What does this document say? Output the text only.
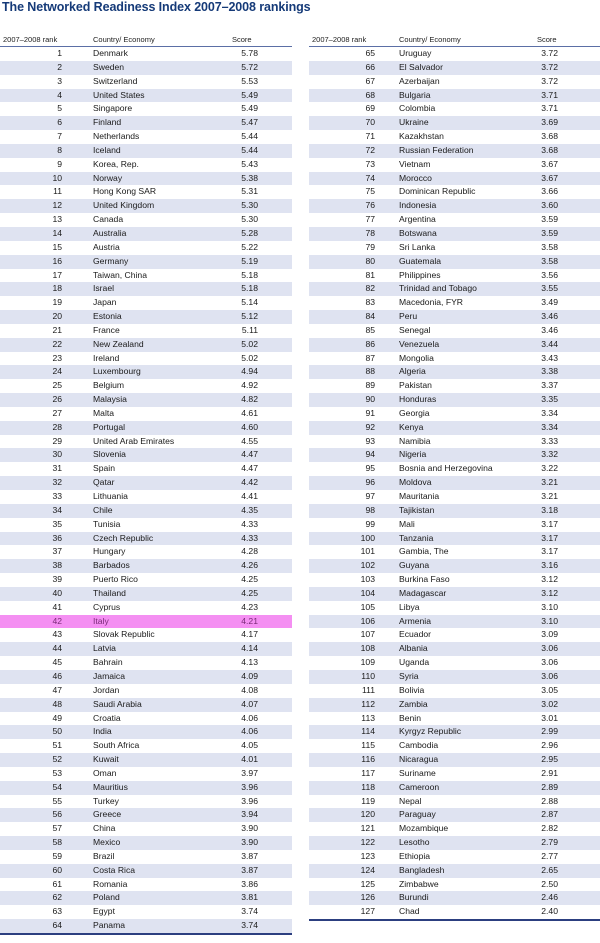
The Networked Readiness Index 2007–2008 rankings
2007–2008 rank	Country/ Economy	Score
1	Denmark	5.78
2	Sweden	5.72
3	Switzerland	5.53
4	United States	5.49
5	Singapore	5.49
6	Finland	5.47
7	Netherlands	5.44
8	Iceland	5.44
9	Korea, Rep.	5.43
10	Norway	5.38
11	Hong Kong SAR	5.31
12	United Kingdom	5.30
13	Canada	5.30
14	Australia	5.28
15	Austria	5.22
16	Germany	5.19
17	Taiwan, China	5.18
18	Israel	5.18
19	Japan	5.14
20	Estonia	5.12
21	France	5.11
22	New Zealand	5.02
23	Ireland	5.02
24	Luxembourg	4.94
25	Belgium	4.92
26	Malaysia	4.82
27	Malta	4.61
28	Portugal	4.60
29	United Arab Emirates	4.55
30	Slovenia	4.47
31	Spain	4.47
32	Qatar	4.42
33	Lithuania	4.41
34	Chile	4.35
35	Tunisia	4.33
36	Czech Republic	4.33
37	Hungary	4.28
38	Barbados	4.26
39	Puerto Rico	4.25
40	Thailand	4.25
41	Cyprus	4.23
42	Italy	4.21
43	Slovak Republic	4.17
44	Latvia	4.14
45	Bahrain	4.13
46	Jamaica	4.09
47	Jordan	4.08
48	Saudi Arabia	4.07
49	Croatia	4.06
50	India	4.06
51	South Africa	4.05
52	Kuwait	4.01
53	Oman	3.97
54	Mauritius	3.96
55	Turkey	3.96
56	Greece	3.94
57	China	3.90
58	Mexico	3.90
59	Brazil	3.87
60	Costa Rica	3.87
61	Romania	3.86
62	Poland	3.81
63	Egypt	3.74
64	Panama	3.74
2007–2008 rank	Country/ Economy	Score
65	Uruguay	3.72
66	El Salvador	3.72
67	Azerbaijan	3.72
68	Bulgaria	3.71
69	Colombia	3.71
70	Ukraine	3.69
71	Kazakhstan	3.68
72	Russian Federation	3.68
73	Vietnam	3.67
74	Morocco	3.67
75	Dominican Republic	3.66
76	Indonesia	3.60
77	Argentina	3.59
78	Botswana	3.59
79	Sri Lanka	3.58
80	Guatemala	3.58
81	Philippines	3.56
82	Trinidad and Tobago	3.55
83	Macedonia, FYR	3.49
84	Peru	3.46
85	Senegal	3.46
86	Venezuela	3.44
87	Mongolia	3.43
88	Algeria	3.38
89	Pakistan	3.37
90	Honduras	3.35
91	Georgia	3.34
92	Kenya	3.34
93	Namibia	3.33
94	Nigeria	3.32
95	Bosnia and Herzegovina	3.22
96	Moldova	3.21
97	Mauritania	3.21
98	Tajikistan	3.18
99	Mali	3.17
100	Tanzania	3.17
101	Gambia, The	3.17
102	Guyana	3.16
103	Burkina Faso	3.12
104	Madagascar	3.12
105	Libya	3.10
106	Armenia	3.10
107	Ecuador	3.09
108	Albania	3.06
109	Uganda	3.06
110	Syria	3.06
111	Bolivia	3.05
112	Zambia	3.02
113	Benin	3.01
114	Kyrgyz Republic	2.99
115	Cambodia	2.96
116	Nicaragua	2.95
117	Suriname	2.91
118	Cameroon	2.89
119	Nepal	2.88
120	Paraguay	2.87
121	Mozambique	2.82
122	Lesotho	2.79
123	Ethiopia	2.77
124	Bangladesh	2.65
125	Zimbabwe	2.50
126	Burundi	2.46
127	Chad	2.40
